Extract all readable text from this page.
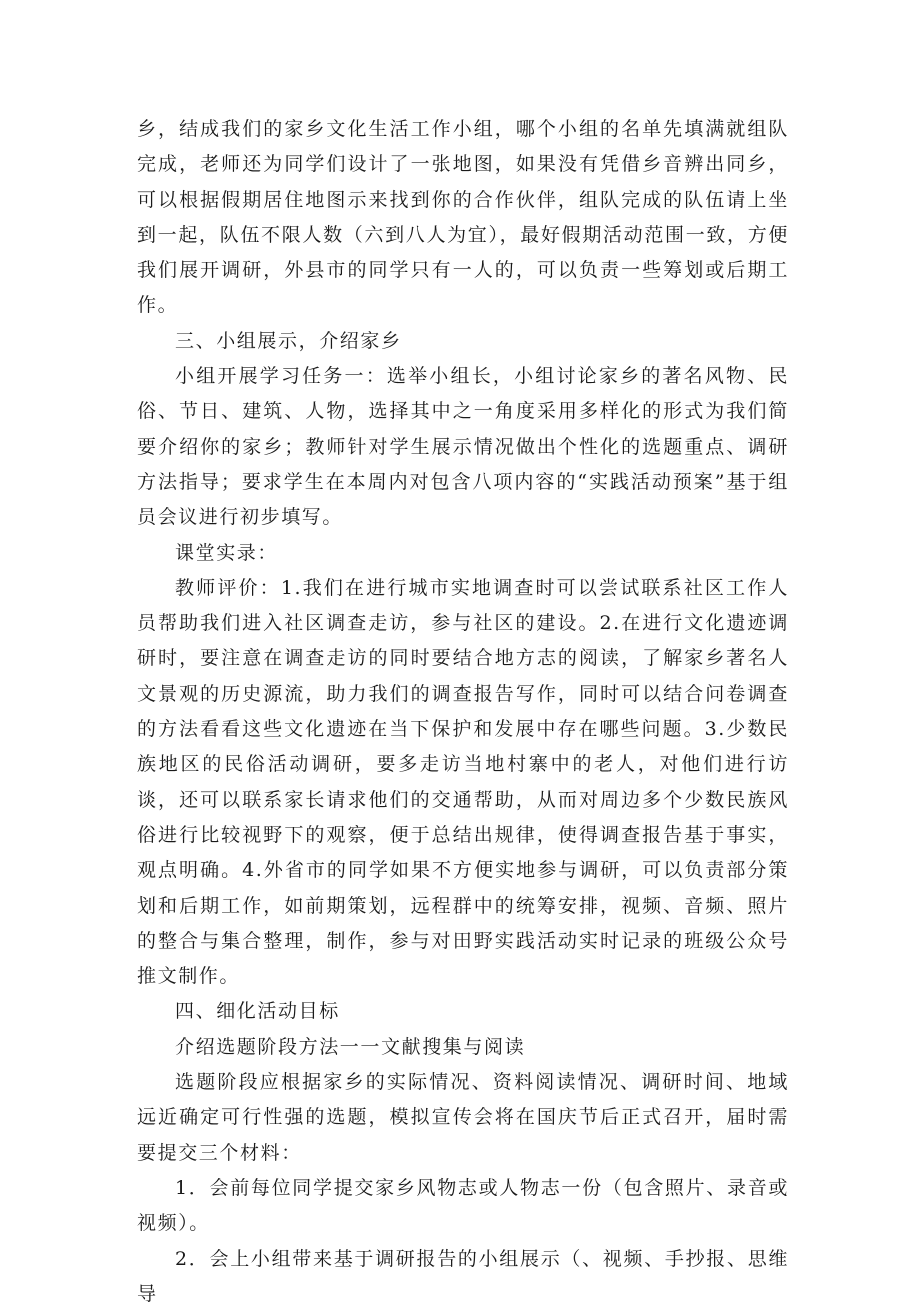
乡，结成我们的家乡文化生活工作小组，哪个小组的名单先填满就组队完成，老师还为同学们设计了一张地图，如果没有凭借乡音辨出同乡，可以根据假期居住地图示来找到你的合作伙伴，组队完成的队伍请上坐到一起，队伍不限人数（六到八人为宜），最好假期活动范围一致，方便我们展开调研，外县市的同学只有一人的，可以负责一些筹划或后期工作。

三、小组展示，介绍家乡

小组开展学习任务一：选举小组长，小组讨论家乡的著名风物、民俗、节日、建筑、人物，选择其中之一角度采用多样化的形式为我们简要介绍你的家乡；教师针对学生展示情况做出个性化的选题重点、调研方法指导；要求学生在本周内对包含八项内容的“实践活动预案”基于组员会议进行初步填写。

课堂实录：

教师评价：1.我们在进行城市实地调查时可以尝试联系社区工作人员帮助我们进入社区调查走访，参与社区的建设。2.在进行文化遗迹调研时，要注意在调查走访的同时要结合地方志的阅读，了解家乡著名人文景观的历史源流，助力我们的调查报告写作，同时可以结合问卷调查的方法看看这些文化遗迹在当下保护和发展中存在哪些问题。3.少数民族地区的民俗活动调研，要多走访当地村寨中的老人，对他们进行访谈，还可以联系家长请求他们的交通帮助，从而对周边多个少数民族风俗进行比较视野下的观察，便于总结出规律，使得调查报告基于事实，观点明确。4.外省市的同学如果不方便实地参与调研，可以负责部分策划和后期工作，如前期策划，远程群中的统筹安排，视频、音频、照片的整合与集合整理，制作，参与对田野实践活动实时记录的班级公众号推文制作。

四、细化活动目标

介绍选题阶段方法一一文献搜集与阅读

选题阶段应根据家乡的实际情况、资料阅读情况、调研时间、地域远近确定可行性强的选题，模拟宣传会将在国庆节后正式召开，届时需要提交三个材料：

1．会前每位同学提交家乡风物志或人物志一份（包含照片、录音或视频）。

2．会上小组带来基于调研报告的小组展示（、视频、手抄报、思维导
